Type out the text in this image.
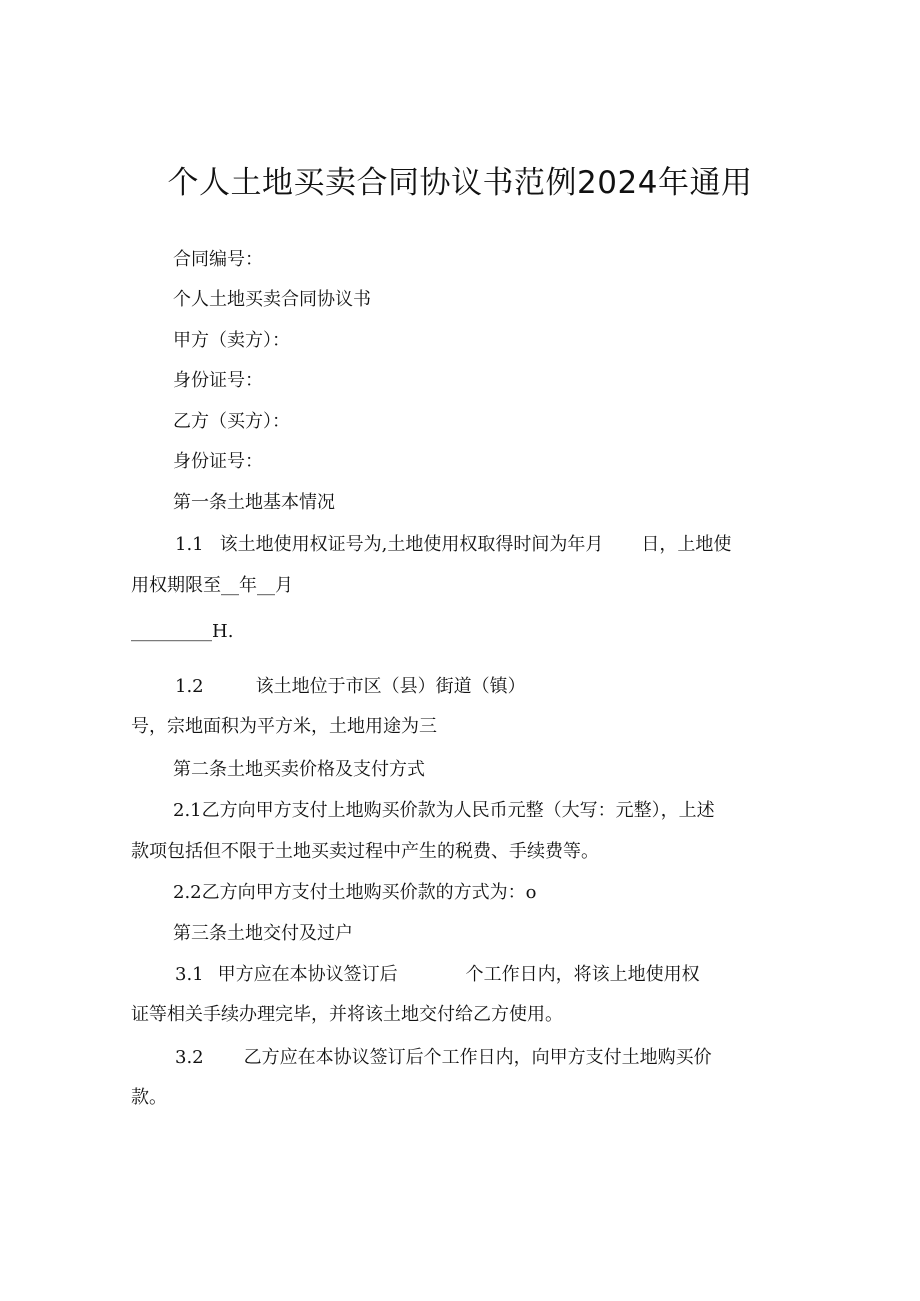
个人土地买卖合同协议书范例2024年通用
合同编号：
个人土地买卖合同协议书
甲方（卖方）：
身份证号：
乙方（买方）：
身份证号：
第一条土地基本情况
1.1 该土地使用权证号为,土地使用权取得时间为年月 日，上地使
用权期限至__年__月
_________H.
1.2	该土地位于市区（县）街道（镇）
号，宗地面积为平方米，土地用途为三
第二条土地买卖价格及支付方式
2.1乙方向甲方支付上地购买价款为人民币元整（大写：元整），上述
款项包括但不限于土地买卖过程中产生的税费、手续费等。
2.2乙方向甲方支付土地购买价款的方式为：o
第三条土地交付及过户
3.1 甲方应在本协议签订后	个工作日内，将该上地使用权
证等相关手续办理完毕，并将该土地交付给乙方使用。
3.2 乙方应在本协议签订后个工作日内，向甲方支付土地购买价
款。
